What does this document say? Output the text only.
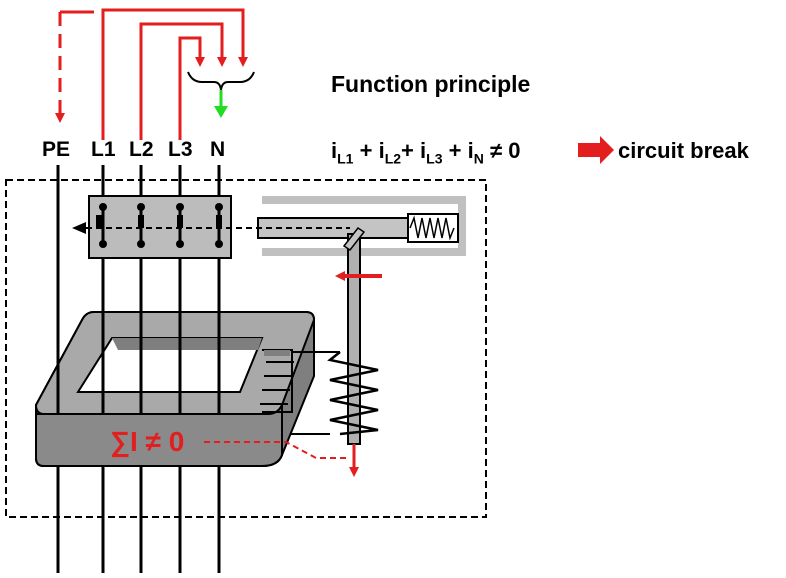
PE L1 L2 L3 N
Function principle
$i_{L1} + i_{L2}+ i_{L3} + i_N \ne 0$	circuit break
∑I ≠ 0
